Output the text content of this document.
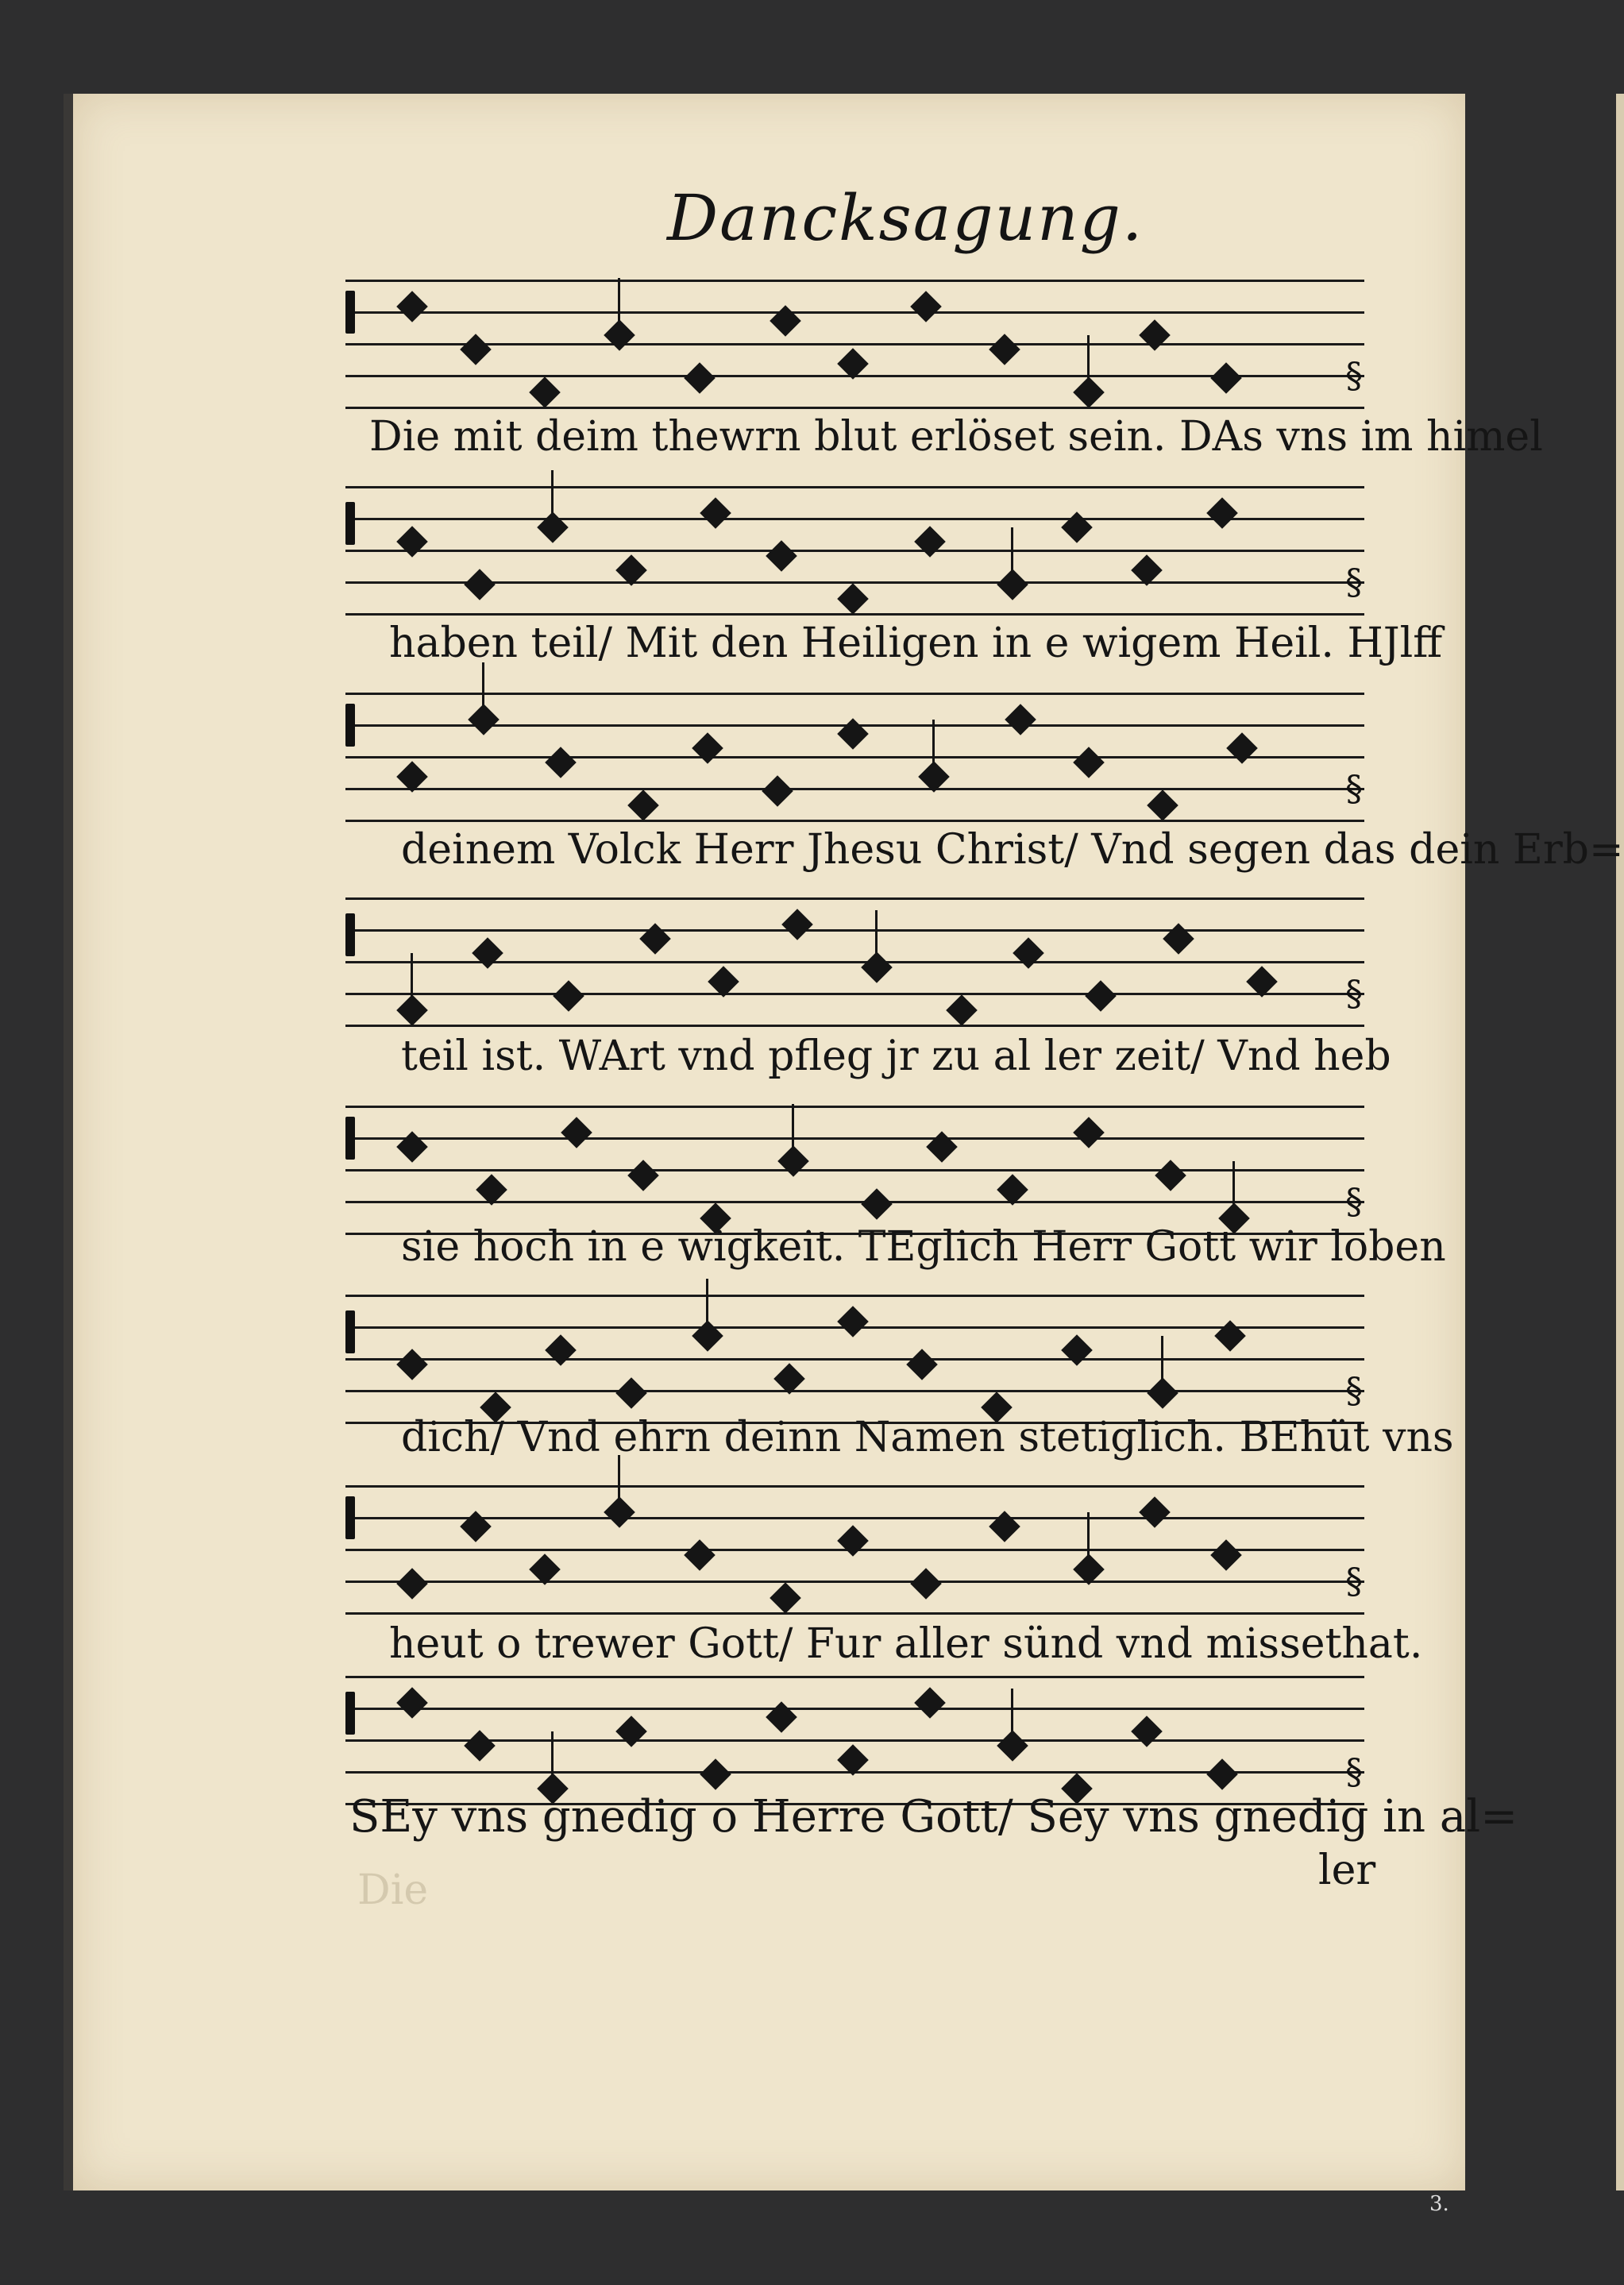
Dancksagung.
§
§
§
§
§
§
§
§
Die mit deim thewrn blut erlöset sein. DAs vns im himel
haben teil/ Mit den Heiligen in e wigem Heil. HJlff
deinem Volck Herr Jhesu Christ/ Vnd segen das dein Erb=
teil ist. WArt vnd pfleg jr zu al ler zeit/ Vnd heb
sie hoch in e wigkeit. TEglich Herr Gott wir loben
dich/ Vnd ehrn deinn Namen stetiglich. BEhüt vns
heut o trewer Gott/ Fur aller sünd vnd missethat.
SEy vns gnedig o Herre Gott/ Sey vns gnedig in al=
ler
Die
3.
